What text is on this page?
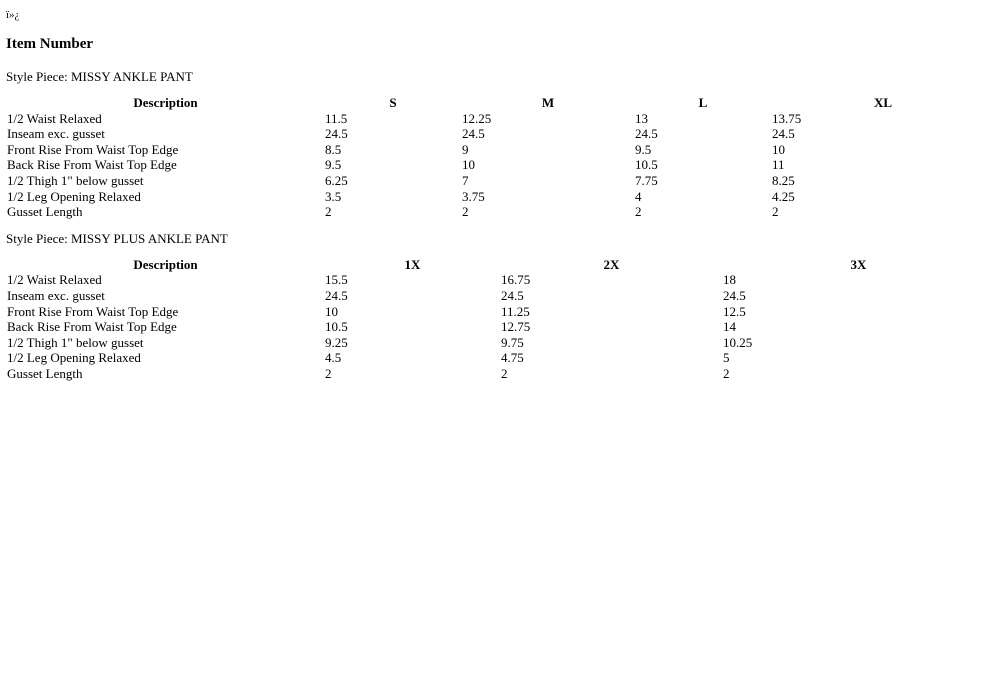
ï»¿

Item Number

Style Piece: MISSY ANKLE PANT

Description	S	M	L	XL
1/2 Waist Relaxed	11.5	12.25	13	13.75
Inseam exc. gusset	24.5	24.5	24.5	24.5
Front Rise From Waist Top Edge	8.5	9	9.5	10
Back Rise From Waist Top Edge	9.5	10	10.5	11
1/2 Thigh 1" below gusset	6.25	7	7.75	8.25
1/2 Leg Opening Relaxed	3.5	3.75	4	4.25
Gusset Length	2	2	2	2

Style Piece: MISSY PLUS ANKLE PANT

Description	1X	2X	3X
1/2 Waist Relaxed	15.5	16.75	18
Inseam exc. gusset	24.5	24.5	24.5
Front Rise From Waist Top Edge	10	11.25	12.5
Back Rise From Waist Top Edge	10.5	12.75	14
1/2 Thigh 1" below gusset	9.25	9.75	10.25
1/2 Leg Opening Relaxed	4.5	4.75	5
Gusset Length	2	2	2
